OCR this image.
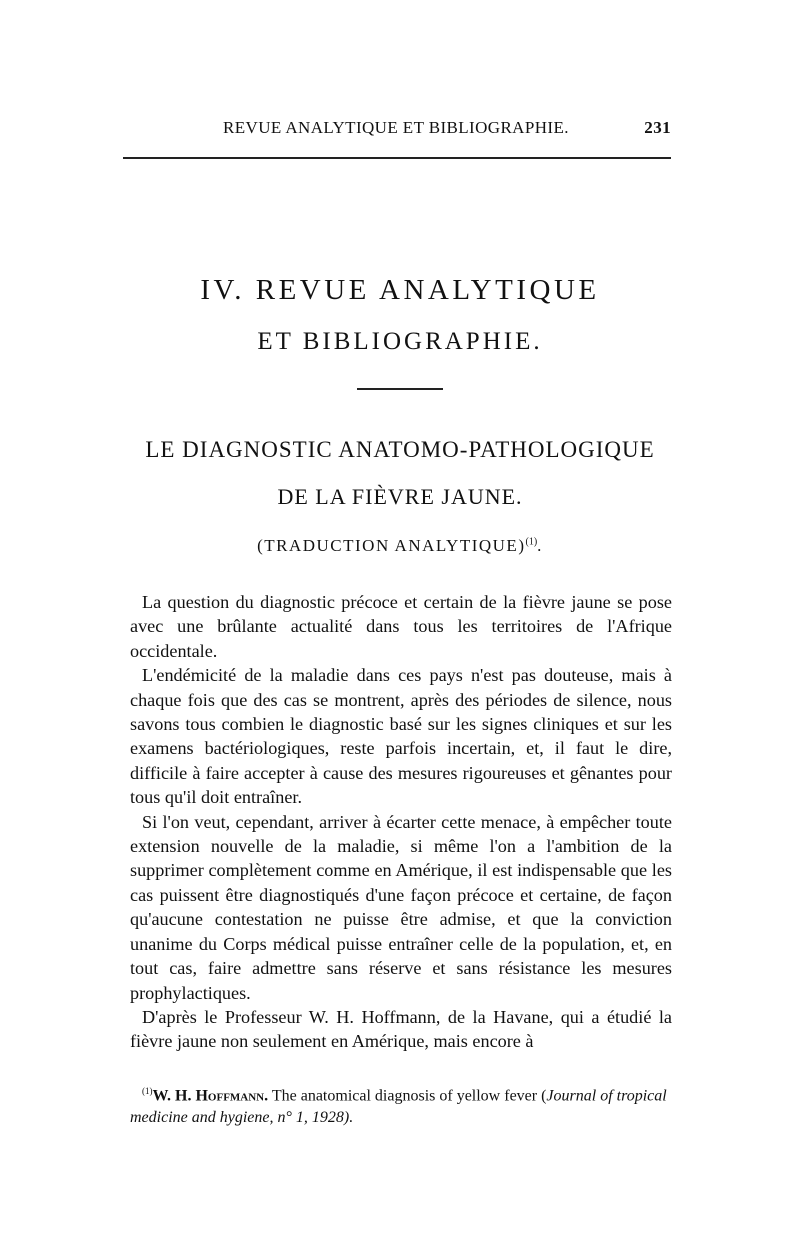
REVUE ANALYTIQUE ET BIBLIOGRAPHIE.	231
IV. REVUE ANALYTIQUE
ET BIBLIOGRAPHIE.
LE DIAGNOSTIC ANATOMO-PATHOLOGIQUE
DE LA FIÈVRE JAUNE.
(TRADUCTION ANALYTIQUE)$^{(1)}$.

La question du diagnostic précoce et certain de la fièvre jaune se pose avec une brûlante actualité dans tous les territoires de l'Afrique occidentale.

L'endémicité de la maladie dans ces pays n'est pas douteuse, mais à chaque fois que des cas se montrent, après des périodes de silence, nous savons tous combien le diagnostic basé sur les signes cliniques et sur les examens bactériologiques, reste parfois incertain, et, il faut le dire, difficile à faire accepter à cause des mesures rigoureuses et gênantes pour tous qu'il doit entraîner.

Si l'on veut, cependant, arriver à écarter cette menace, à empêcher toute extension nouvelle de la maladie, si même l'on a l'ambition de la supprimer complètement comme en Amérique, il est indispensable que les cas puissent être diagnostiqués d'une façon précoce et certaine, de façon qu'aucune contestation ne puisse être admise, et que la conviction unanime du Corps médical puisse entraîner celle de la population, et, en tout cas, faire admettre sans réserve et sans résistance les mesures prophylactiques.

D'après le Professeur W. H. Hoffmann, de la Havane, qui a étudié la fièvre jaune non seulement en Amérique, mais encore à

$^{(1)}$W. H. Hoffmann. The anatomical diagnosis of yellow fever (Journal of tropical medicine and hygiene, n° 1, 1928).
